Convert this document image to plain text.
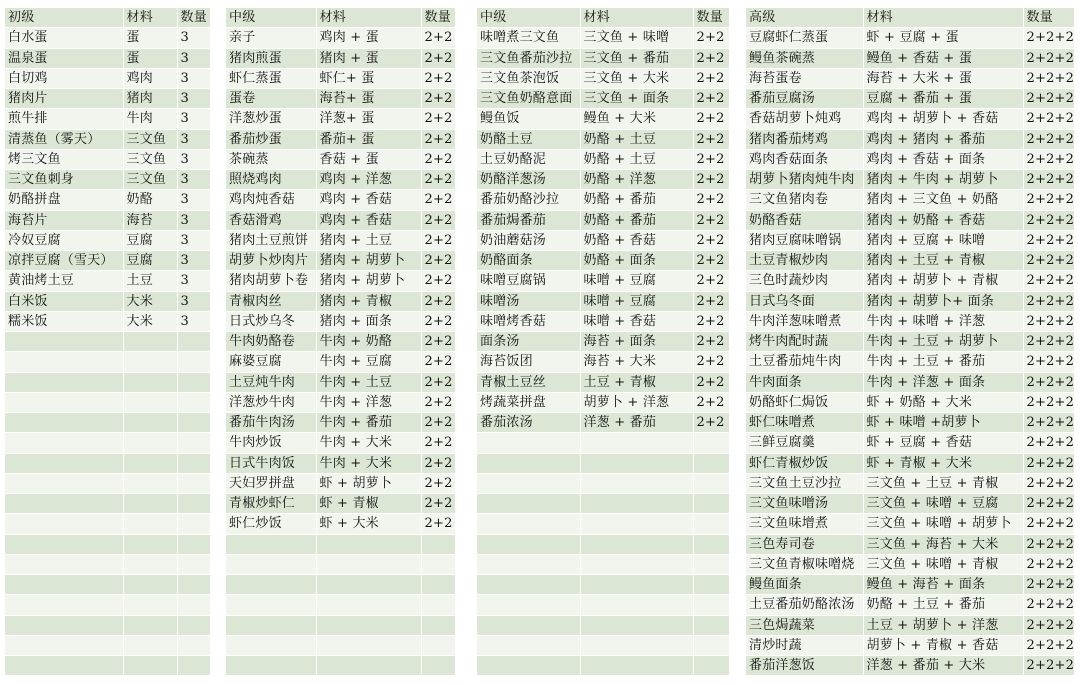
初级	材料	数量
白水蛋	蛋	3
温泉蛋	蛋	3
白切鸡	鸡肉	3
猪肉片	猪肉	3
煎牛排	牛肉	3
清蒸鱼（雾天）	三文鱼	3
烤三文鱼	三文鱼	3
三文鱼刺身	三文鱼	3
奶酪拼盘	奶酪	3
海苔片	海苔	3
冷奴豆腐	豆腐	3
凉拌豆腐（雪天）	豆腐	3
黄油烤土豆	土豆	3
白米饭	大米	3
糯米饭	大米	3

中级	材料	数量
亲子	鸡肉 + 蛋	2+2
猪肉煎蛋	猪肉 + 蛋	2+2
虾仁蒸蛋	虾仁+ 蛋	2+2
蛋卷	海苔+ 蛋	2+2
洋葱炒蛋	洋葱+ 蛋	2+2
番茄炒蛋	番茄+ 蛋	2+2
茶碗蒸	香菇 + 蛋	2+2
照烧鸡肉	鸡肉 + 洋葱	2+2
鸡肉炖香菇	鸡肉 + 香菇	2+2
香菇滑鸡	鸡肉 + 香菇	2+2
猪肉土豆煎饼	猪肉 + 土豆	2+2
胡萝卜炒肉片	猪肉 + 胡萝卜	2+2
猪肉胡萝卜卷	猪肉 + 胡萝卜	2+2
青椒肉丝	猪肉 + 青椒	2+2
日式炒乌冬	猪肉 + 面条	2+2
牛肉奶酪卷	牛肉 + 奶酪	2+2
麻婆豆腐	牛肉 + 豆腐	2+2
土豆炖牛肉	牛肉 + 土豆	2+2
洋葱炒牛肉	牛肉 + 洋葱	2+2
番茄牛肉汤	牛肉 + 番茄	2+2
牛肉炒饭	牛肉 + 大米	2+2
日式牛肉饭	牛肉 + 大米	2+2
天妇罗拼盘	虾 + 胡萝卜	2+2
青椒炒虾仁	虾 + 青椒	2+2
虾仁炒饭	虾 + 大米	2+2

中级	材料	数量
味噌煮三文鱼	三文鱼 + 味噌	2+2
三文鱼番茄沙拉	三文鱼 + 番茄	2+2
三文鱼茶泡饭	三文鱼 + 大米	2+2
三文鱼奶酪意面	三文鱼 + 面条	2+2
鳗鱼饭	鳗鱼 + 大米	2+2
奶酪土豆	奶酪 + 土豆	2+2
土豆奶酪泥	奶酪 + 土豆	2+2
奶酪洋葱汤	奶酪 + 洋葱	2+2
番茄奶酪沙拉	奶酪 + 番茄	2+2
番茄焗番茄	奶酪 + 番茄	2+2
奶油蘑菇汤	奶酪 + 香菇	2+2
奶酪面条	奶酪 + 面条	2+2
味噌豆腐锅	味噌 + 豆腐	2+2
味噌汤	味噌 + 豆腐	2+2
味噌烤香菇	味噌 + 香菇	2+2
面条汤	海苔 + 面条	2+2
海苔饭团	海苔 + 大米	2+2
青椒土豆丝	土豆 + 青椒	2+2
烤蔬菜拼盘	胡萝卜 + 洋葱	2+2
番茄浓汤	洋葱 + 番茄	2+2

高级	材料	数量
豆腐虾仁蒸蛋	虾 + 豆腐 + 蛋	2+2+2
鳗鱼茶碗蒸	鳗鱼 + 香菇 + 蛋	2+2+2
海苔蛋卷	海苔 + 大米 + 蛋	2+2+2
番茄豆腐汤	豆腐 + 番茄 + 蛋	2+2+2
香菇胡萝卜炖鸡	鸡肉 + 胡萝卜 + 香菇	2+2+2
猪肉番茄烤鸡	鸡肉 + 猪肉 + 番茄	2+2+2
鸡肉香菇面条	鸡肉 + 香菇 + 面条	2+2+2
胡萝卜猪肉炖牛肉	猪肉 + 牛肉 + 胡萝卜	2+2+2
三文鱼猪肉卷	猪肉 + 三文鱼 + 奶酪	2+2+2
奶酪香菇	猪肉 + 奶酪 + 香菇	2+2+2
猪肉豆腐味噌锅	猪肉 + 豆腐 + 味噌	2+2+2
土豆青椒炒肉	猪肉 + 土豆 + 青椒	2+2+2
三色时蔬炒肉	猪肉 + 胡萝卜 + 青椒	2+2+2
日式乌冬面	猪肉 + 胡萝卜+ 面条	2+2+2
牛肉洋葱味噌煮	牛肉 + 味噌 + 洋葱	2+2+2
烤牛肉配时蔬	牛肉 + 土豆 + 胡萝卜	2+2+2
土豆番茄炖牛肉	牛肉 + 土豆 + 番茄	2+2+2
牛肉面条	牛肉 + 洋葱 + 面条	2+2+2
奶酪虾仁焗饭	虾 + 奶酪 + 大米	2+2+2
虾仁味噌煮	虾 + 味噌 +胡萝卜	2+2+2
三鲜豆腐羹	虾 + 豆腐 + 香菇	2+2+2
虾仁青椒炒饭	虾 + 青椒 + 大米	2+2+2
三文鱼土豆沙拉	三文鱼 + 土豆 + 青椒	2+2+2
三文鱼味噌汤	三文鱼 + 味噌 + 豆腐	2+2+2
三文鱼味增煮	三文鱼 + 味噌 + 胡萝卜	2+2+2
三色寿司卷	三文鱼 + 海苔 + 大米	2+2+2
三文鱼青椒味噌烧	三文鱼 + 味噌 + 青椒	2+2+2
鳗鱼面条	鳗鱼 + 海苔 + 面条	2+2+2
土豆番茄奶酪浓汤	奶酪 + 土豆 + 番茄	2+2+2
三色焗蔬菜	土豆 + 胡萝卜 + 洋葱	2+2+2
清炒时蔬	胡萝卜 + 青椒 + 香菇	2+2+2
番茄洋葱饭	洋葱 + 番茄 + 大米	2+2+2
